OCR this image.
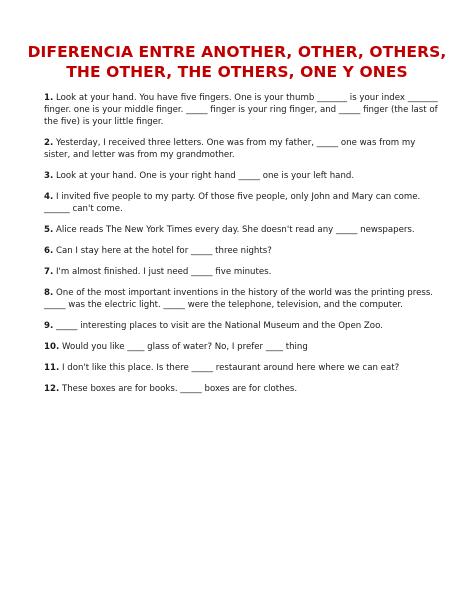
DIFERENCIA ENTRE ANOTHER, OTHER, OTHERS,
THE OTHER, THE OTHERS, ONE Y ONES
1. Look at your hand. You have five fingers. One is your thumb _______ is your index _______ finger. one is your middle finger. _____ finger is your ring finger, and _____ finger (the last of the five) is your little finger.
2. Yesterday, I received three letters. One was from my father, _____ one was from my sister, and letter was from my grandmother.
3. Look at your hand. One is your right hand _____ one is your left hand.
4. I invited five people to my party. Of those five people, only John and Mary can come. ______ can't come.
5. Alice reads The New York Times every day. She doesn't read any _____ newspapers.
6. Can I stay here at the hotel for _____ three nights?
7. I'm almost finished. I just need _____ five minutes.
8. One of the most important inventions in the history of the world was the printing press. _____ was the electric light. _____ were the telephone, television, and the computer.
9. _____ interesting places to visit are the National Museum and the Open Zoo.
10. Would you like ____ glass of water? No, I prefer ____ thing
11. I don't like this place. Is there _____ restaurant around here where we can eat?
12. These boxes are for books. _____ boxes are for clothes.
